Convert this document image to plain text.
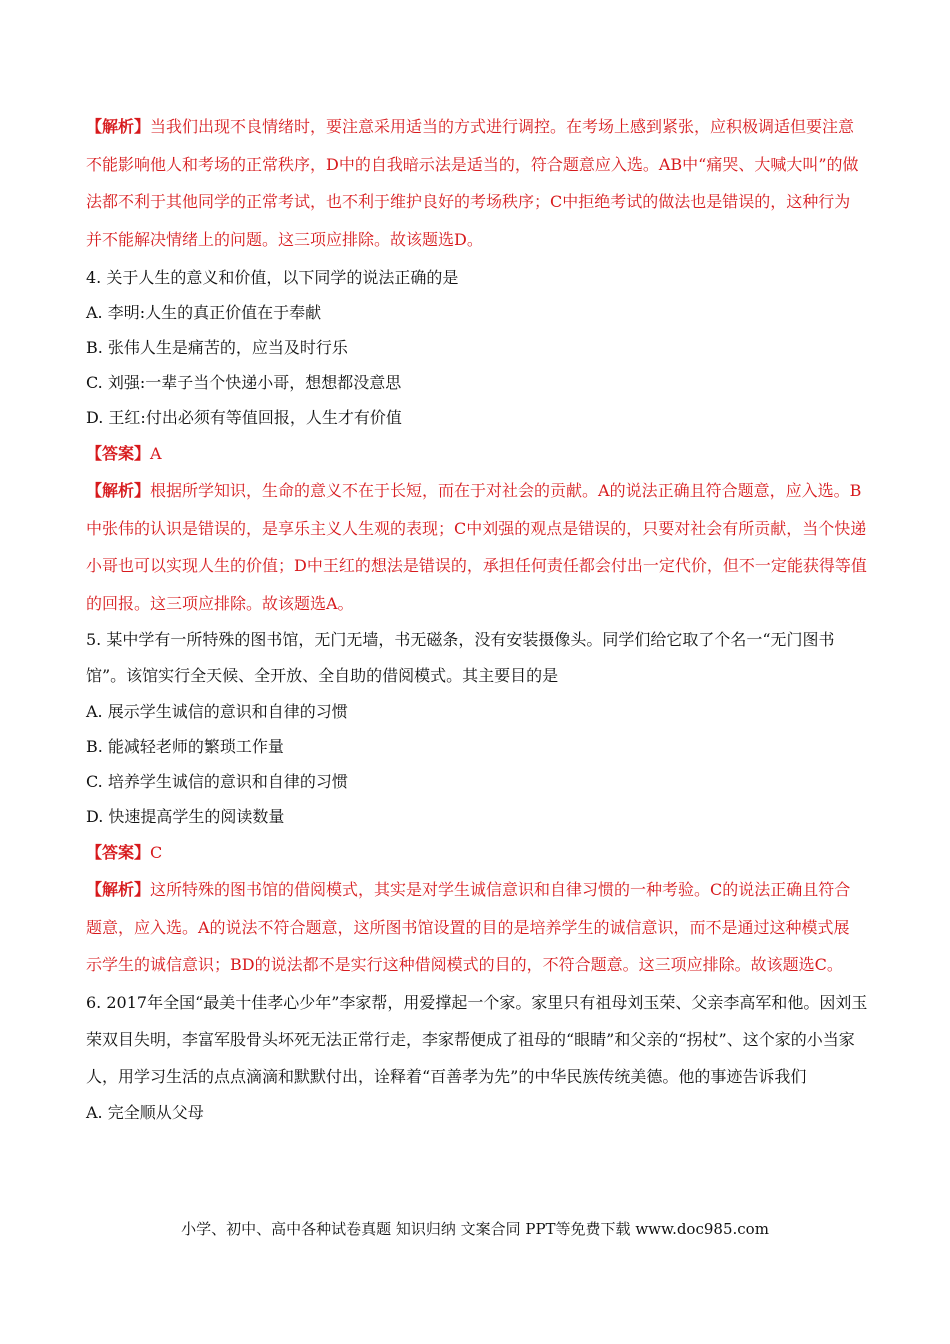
【解析】当我们出现不良情绪时，要注意采用适当的方式进行调控。在考场上感到紧张，应积极调适但要注意不能影响他人和考场的正常秩序，D中的自我暗示法是适当的，符合题意应入选。AB中“痛哭、大喊大叫”的做法都不利于其他同学的正常考试，也不利于维护良好的考场秩序；C中拒绝考试的做法也是错误的，这种行为并不能解决情绪上的问题。这三项应排除。故该题选D。

4. 关于人生的意义和价值，以下同学的说法正确的是

A. 李明:人生的真正价值在于奉献

B. 张伟人生是痛苦的，应当及时行乐

C. 刘强:一辈子当个快递小哥，想想都没意思

D. 王红:付出必须有等值回报，人生才有价值

【答案】A

【解析】根据所学知识，生命的意义不在于长短，而在于对社会的贡献。A的说法正确且符合题意，应入选。B中张伟的认识是错误的，是享乐主义人生观的表现；C中刘强的观点是错误的，只要对社会有所贡献，当个快递小哥也可以实现人生的价值；D中王红的想法是错误的，承担任何责任都会付出一定代价，但不一定能获得等值的回报。这三项应排除。故该题选A。

5. 某中学有一所特殊的图书馆，无门无墙，书无磁条，没有安装摄像头。同学们给它取了个名一“无门图书馆”。该馆实行全天候、全开放、全自助的借阅模式。其主要目的是

A. 展示学生诚信的意识和自律的习惯

B. 能减轻老师的繁琐工作量

C. 培养学生诚信的意识和自律的习惯

D. 快速提高学生的阅读数量

【答案】C

【解析】这所特殊的图书馆的借阅模式，其实是对学生诚信意识和自律习惯的一种考验。C的说法正确且符合题意，应入选。A的说法不符合题意，这所图书馆设置的目的是培养学生的诚信意识，而不是通过这种模式展示学生的诚信意识；BD的说法都不是实行这种借阅模式的目的，不符合题意。这三项应排除。故该题选C。

6. 2017年全国“最美十佳孝心少年”李家帮，用爱撑起一个家。家里只有祖母刘玉荣、父亲李高军和他。因刘玉荣双目失明，李富军股骨头坏死无法正常行走，李家帮便成了祖母的“眼睛”和父亲的“拐杖”、这个家的小当家人，用学习生活的点点滴滴和默默付出，诠释着“百善孝为先”的中华民族传统美德。他的事迹告诉我们

A. 完全顺从父母

小学、初中、高中各种试卷真题 知识归纳 文案合同 PPT等免费下载 www.doc985.com
